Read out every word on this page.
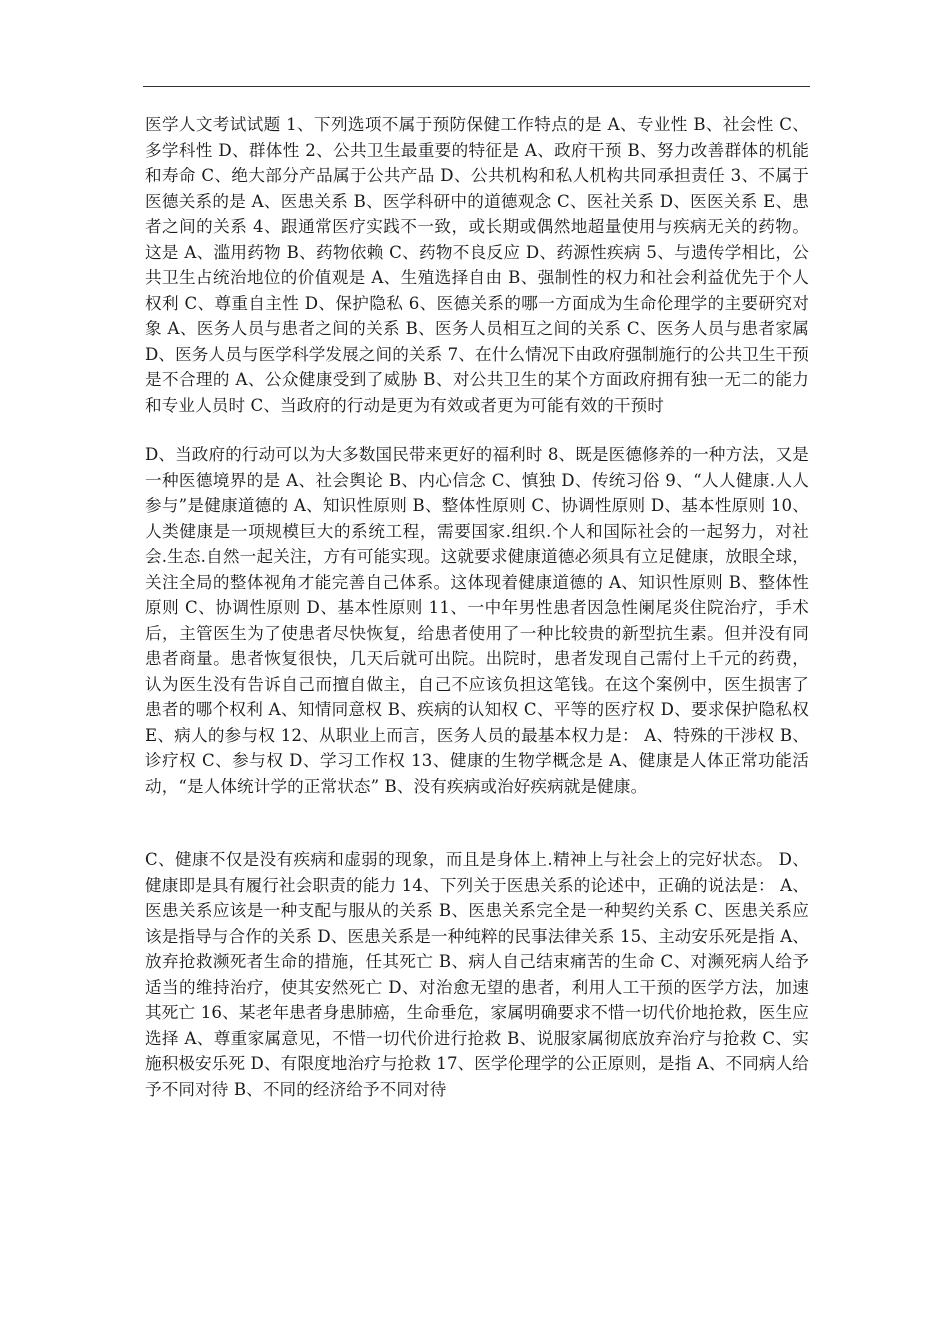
医学人文考试试题 1、下列选项不属于预防保健工作特点的是 A、专业性 B、社会性 C、多学科性 D、群体性 2、公共卫生最重要的特征是 A、政府干预 B、努力改善群体的机能和寿命 C、绝大部分产品属于公共产品 D、公共机构和私人机构共同承担责任 3、不属于医德关系的是 A、医患关系 B、医学科研中的道德观念 C、医社关系 D、医医关系 E、患者之间的关系 4、跟通常医疗实践不一致，或长期或偶然地超量使用与疾病无关的药物。这是 A、滥用药物 B、药物依赖 C、药物不良反应 D、药源性疾病 5、与遗传学相比，公共卫生占统治地位的价值观是 A、生殖选择自由 B、强制性的权力和社会利益优先于个人权利 C、尊重自主性 D、保护隐私 6、医德关系的哪一方面成为生命伦理学的主要研究对象 A、医务人员与患者之间的关系 B、医务人员相互之间的关系 C、医务人员与患者家属 D、医务人员与医学科学发展之间的关系 7、在什么情况下由政府强制施行的公共卫生干预是不合理的 A、公众健康受到了威胁 B、对公共卫生的某个方面政府拥有独一无二的能力和专业人员时 C、当政府的行动是更为有效或者更为可能有效的干预时

D、当政府的行动可以为大多数国民带来更好的福利时 8、既是医德修养的一种方法，又是一种医德境界的是 A、社会舆论 B、内心信念 C、慎独 D、传统习俗 9、“人人健康.人人参与”是健康道德的 A、知识性原则 B、整体性原则 C、协调性原则 D、基本性原则 10、人类健康是一项规模巨大的系统工程，需要国家.组织.个人和国际社会的一起努力，对社会.生态.自然一起关注，方有可能实现。这就要求健康道德必须具有立足健康，放眼全球，关注全局的整体视角才能完善自己体系。这体现着健康道德的 A、知识性原则 B、整体性原则 C、协调性原则 D、基本性原则 11、一中年男性患者因急性阑尾炎住院治疗，手术后，主管医生为了使患者尽快恢复，给患者使用了一种比较贵的新型抗生素。但并没有同患者商量。患者恢复很快，几天后就可出院。出院时，患者发现自己需付上千元的药费，认为医生没有告诉自己而擅自做主，自己不应该负担这笔钱。在这个案例中，医生损害了患者的哪个权利 A、知情同意权 B、疾病的认知权 C、平等的医疗权 D、要求保护隐私权 E、病人的参与权 12、从职业上而言，医务人员的最基本权力是： A、特殊的干涉权 B、诊疗权 C、参与权 D、学习工作权 13、健康的生物学概念是 A、健康是人体正常功能活动，“是人体统计学的正常状态” B、没有疾病或治好疾病就是健康。

C、健康不仅是没有疾病和虚弱的现象，而且是身体上.精神上与社会上的完好状态。 D、健康即是具有履行社会职责的能力 14、下列关于医患关系的论述中，正确的说法是： A、医患关系应该是一种支配与服从的关系 B、医患关系完全是一种契约关系 C、医患关系应该是指导与合作的关系 D、医患关系是一种纯粹的民事法律关系 15、主动安乐死是指 A、放弃抢救濒死者生命的措施，任其死亡 B、病人自己结束痛苦的生命 C、对濒死病人给予适当的维持治疗，使其安然死亡 D、对治愈无望的患者，利用人工干预的医学方法，加速其死亡 16、某老年患者身患肺癌，生命垂危，家属明确要求不惜一切代价地抢救，医生应选择 A、尊重家属意见，不惜一切代价进行抢救 B、说服家属彻底放弃治疗与抢救 C、实施积极安乐死 D、有限度地治疗与抢救 17、医学伦理学的公正原则，是指 A、不同病人给予不同对待 B、不同的经济给予不同对待
